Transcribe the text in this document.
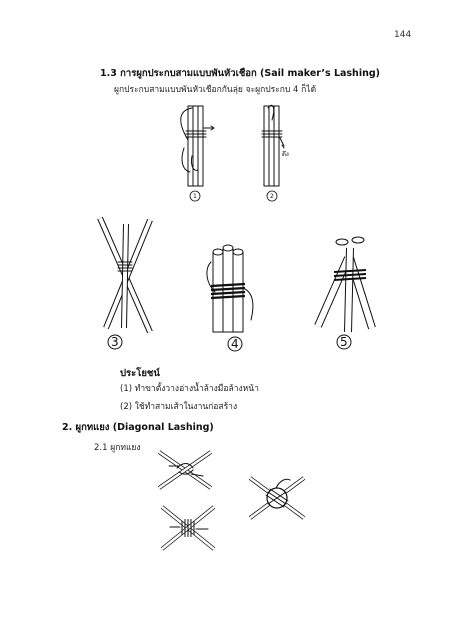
144
1.3 การผูกประกบสามแบบพันหัวเชือก (Sail maker’s Lashing)
ผูกประกบสามแบบพันหัวเชือกกันลุ่ย จะผูกประกบ 4 ก็ได้
1
ดึง
2
3	4	5
ประโยชน์
(1) ทำขาตั้งวางอ่างน้ำล้างมือล้างหน้า
(2) ใช้ทำสามเส้าในงานก่อสร้าง
2. ผูกทแยง (Diagonal Lashing)
2.1 ผูกทแยง
